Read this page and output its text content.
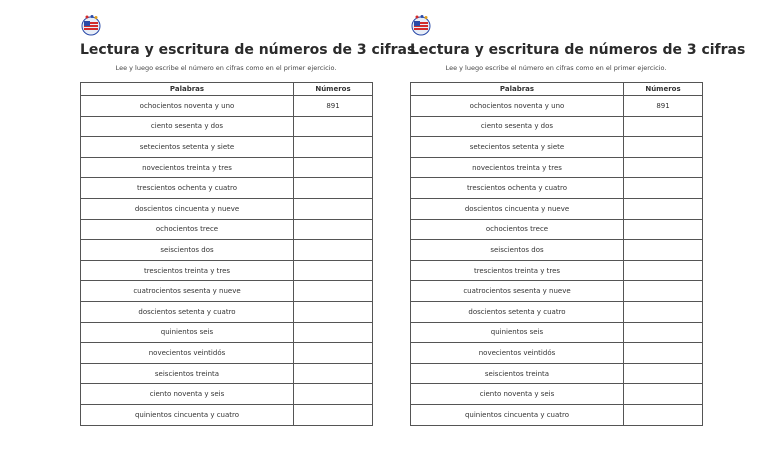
Lectura y escritura de números de 3 cifras
Lee y luego escribe el número en cifras como en el primer ejercicio.
Palabras	Números
ochocientos noventa y uno	891
ciento sesenta y dos	
setecientos setenta y siete	
novecientos treinta y tres	
trescientos ochenta y cuatro	
doscientos cincuenta y nueve	
ochocientos trece	
seiscientos dos	
trescientos treinta y tres	
cuatrocientos sesenta y nueve	
doscientos setenta y cuatro	
quinientos seis	
novecientos veintidós	
seiscientos treinta	
ciento noventa y seis	
quinientos cincuenta y cuatro	
Lectura y escritura de números de 3 cifras
Lee y luego escribe el número en cifras como en el primer ejercicio.
Palabras	Números
ochocientos noventa y uno	891
ciento sesenta y dos	
setecientos setenta y siete	
novecientos treinta y tres	
trescientos ochenta y cuatro	
doscientos cincuenta y nueve	
ochocientos trece	
seiscientos dos	
trescientos treinta y tres	
cuatrocientos sesenta y nueve	
doscientos setenta y cuatro	
quinientos seis	
novecientos veintidós	
seiscientos treinta	
ciento noventa y seis	
quinientos cincuenta y cuatro	
